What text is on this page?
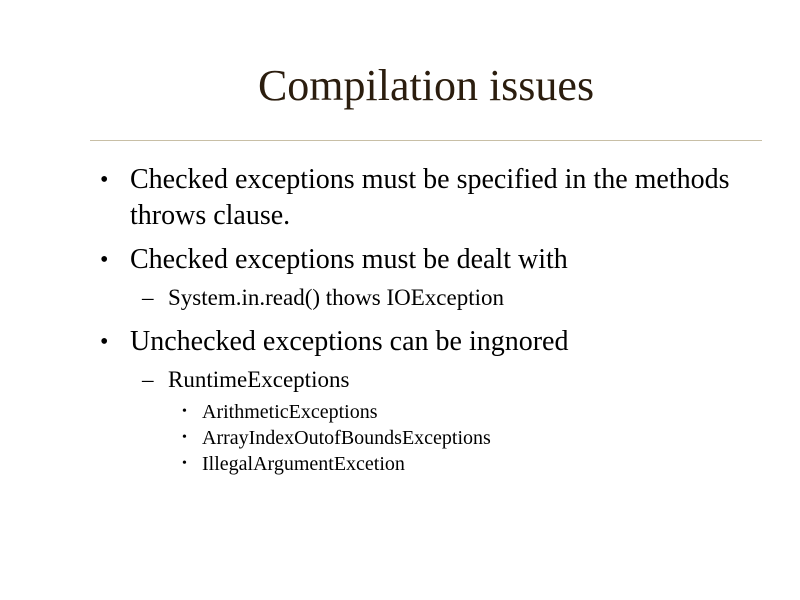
Compilation issues
• Checked exceptions must be specified in the methods throws clause.
• Checked exceptions must be dealt with
– System.in.read() thows IOException
• Unchecked exceptions can be ingnored
– RuntimeExceptions
• ArithmeticExceptions
• ArrayIndexOutofBoundsExceptions
• IllegalArgumentExcetion
